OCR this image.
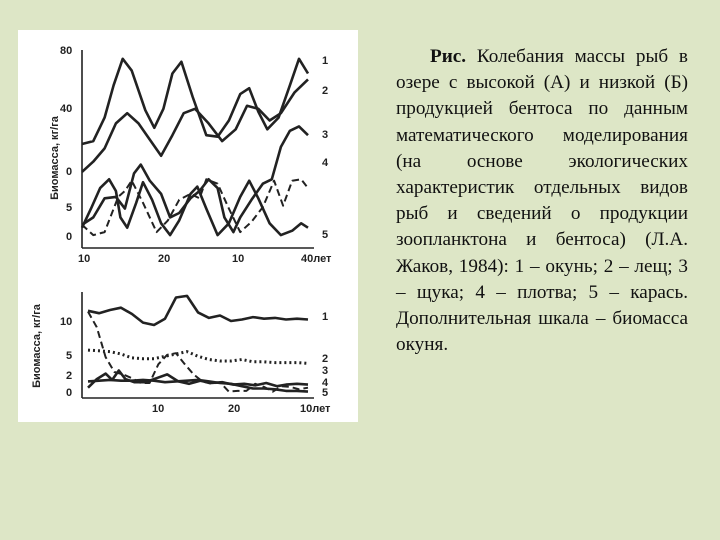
Биомасса, кг/га
80
40
0
5
0
10	20	10	40лет
1
2
3
4
5
Биомасса, кг/га 10
5
2
0
10	20	10лет
1
2
3
4
5
Рис. Колебания массы рыб в озере с высокой (А) и низкой (Б) продукцией бентоса по данным математического моделирования (на основе экологических характеристик отдельных видов рыб и сведений о продукции зоопланктона и бентоса) (Л.А. Жаков, 1984): 1 – окунь; 2 – лещ; 3 – щука; 4 – плотва; 5 – карась. Дополнительная шкала – биомасса окуня.
